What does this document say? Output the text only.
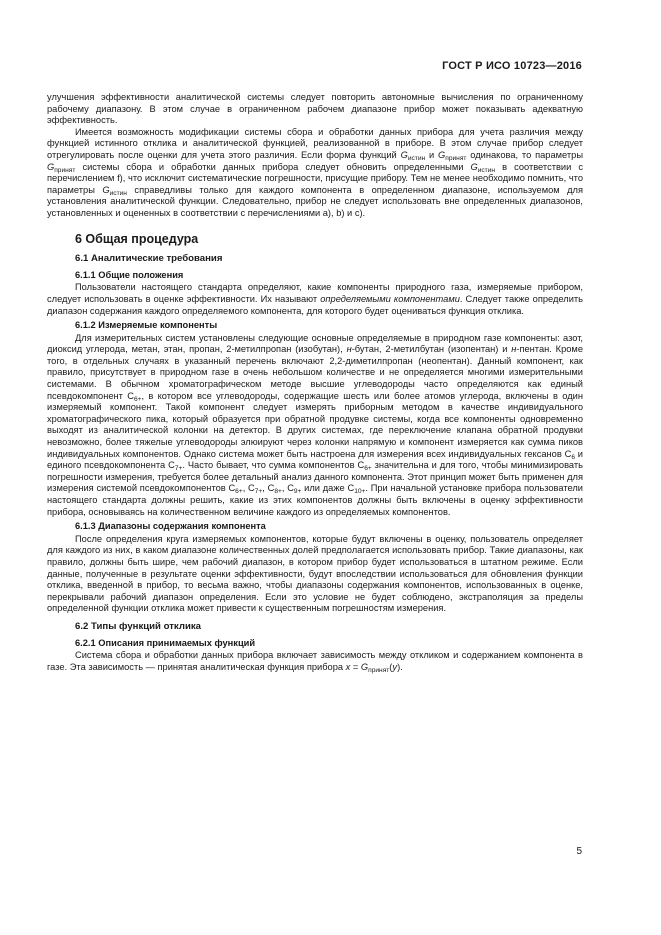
ГОСТ Р ИСО 10723—2016

улучшения эффективности аналитической системы следует повторить автономные вычисления по ограниченному рабочему диапазону. В этом случае в ограниченном рабочем диапазоне прибор может показывать адекватную эффективность.

Имеется возможность модификации системы сбора и обработки данных прибора для учета различия между функцией истинного отклика и аналитической функцией, реализованной в приборе. В этом случае прибор следует отрегулировать после оценки для учета этого различия. Если форма функций $G_{истин}$ и $G_{принят}$ одинакова, то параметры $G_{принят}$ системы сбора и обработки данных прибора следует обновить определенными $G_{истин}$ в соответствии с перечислением f), что исключит систематические погрешности, присущие прибору. Тем не менее необходимо помнить, что параметры $G_{истин}$ справедливы только для каждого компонента в определенном диапазоне, используемом для установления аналитической функции. Следовательно, прибор не следует использовать вне определенных диапазонов, установленных и оцененных в соответствии с перечислениями a), b) и c).

6 Общая процедура
6.1 Аналитические требования
6.1.1 Общие положения

Пользователи настоящего стандарта определяют, какие компоненты природного газа, измеряемые прибором, следует использовать в оценке эффективности. Их называют определяемыми компонентами. Следует также определить диапазон содержания каждого определяемого компонента, для которого будет оцениваться функция отклика.

6.1.2 Измеряемые компоненты

Для измерительных систем установлены следующие основные определяемые в природном газе компоненты: азот, диоксид углерода, метан, этан, пропан, 2-метилпропан (изобутан), н-бутан, 2-метилбутан (изопентан) и н-пентан. Кроме того, в отдельных случаях в указанный перечень включают 2,2-диметилпропан (неопентан). Данный компонент, как правило, присутствует в природном газе в очень небольшом количестве и не определяется многими измерительными системами. В обычном хроматографическом методе высшие углеводороды часто определяются как единый псевдокомпонент $C_{6+}$, в котором все углеводороды, содержащие шесть или более атомов углерода, включены в один измеряемый компонент. Такой компонент следует измерять приборным методом в качестве индивидуального хроматографического пика, который образуется при обратной продувке системы, когда все компоненты одновременно выходят из аналитической колонки на детектор. В других системах, где переключение клапана обратной продувки невозможно, более тяжелые углеводороды элюируют через колонки напрямую и компонент измеряется как сумма пиков индивидуальных компонентов. Однако система может быть настроена для измерения всех индивидуальных гексанов $C_6$ и единого псевдокомпонента $C_{7+}$. Часто бывает, что сумма компонентов $C_{6+}$ значительна и для того, чтобы минимизировать погрешности измерения, требуется более детальный анализ данного компонента. Этот принцип может быть применен для измерения системой псевдокомпонентов $C_{6+}$, $C_{7+}$, $C_{8+}$, $C_{9+}$ или даже $C_{10+}$. При начальной установке прибора пользователи настоящего стандарта должны решить, какие из этих компонентов должны быть включены в оценку эффективности прибора, основываясь на количественном величине каждого из определяемых компонентов.

6.1.3 Диапазоны содержания компонента

После определения круга измеряемых компонентов, которые будут включены в оценку, пользователь определяет для каждого из них, в каком диапазоне количественных долей предполагается использовать прибор. Такие диапазоны, как правило, должны быть шире, чем рабочий диапазон, в котором прибор будет использоваться в штатном режиме. Если данные, полученные в результате оценки эффективности, будут впоследствии использоваться для обновления функции отклика, введенной в прибор, то весьма важно, чтобы диапазоны содержания компонентов, использованных в оценке, перекрывали рабочий диапазон определения. Если это условие не будет соблюдено, экстраполяция за пределы определенной функции отклика может привести к существенным погрешностям измерения.

6.2 Типы функций отклика
6.2.1 Описания принимаемых функций

Система сбора и обработки данных прибора включает зависимость между откликом и содержанием компонента в газе. Эта зависимость — принятая аналитическая функция прибора $x = G_{принят}(y)$.

5
